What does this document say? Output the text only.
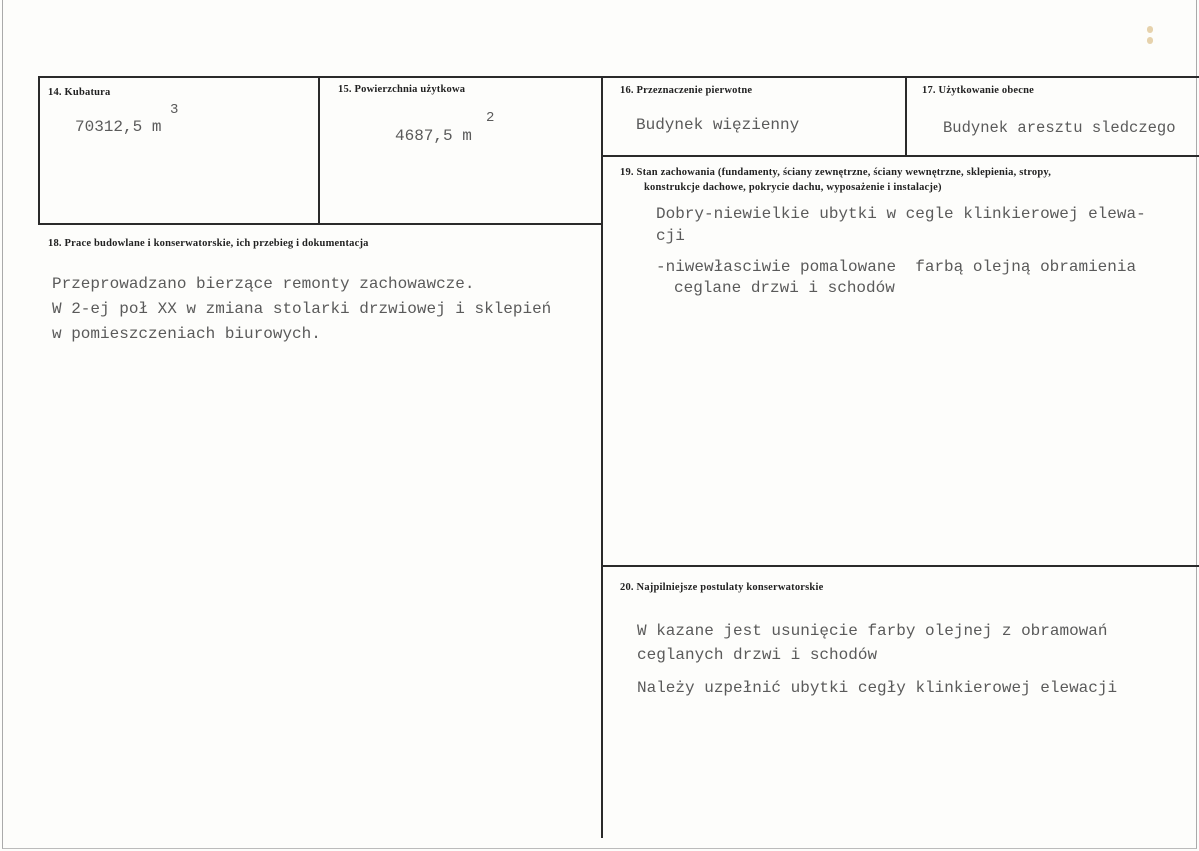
14. Kubatura
70312,5 m
3
15. Powierzchnia użytkowa
4687,5 m
2
16. Przeznaczenie pierwotne
Budynek więzienny
17. Użytkowanie obecne
Budynek aresztu sledczego
19. Stan zachowania (fundamenty, ściany zewnętrzne, ściany wewnętrzne, sklepienia, stropy,
konstrukcje dachowe, pokrycie dachu, wyposażenie i instalacje)
Dobry-niewielkie ubytki w cegle klinkierowej elewa-
cji
-niwewłasciwie pomalowane  farbą olejną obramienia
ceglane drzwi i schodów
18. Prace budowlane i konserwatorskie, ich przebieg i dokumentacja
Przeprowadzano bierzące remonty zachowawcze.
W 2-ej poł XX w zmiana stolarki drzwiowej i sklepień
w pomieszczeniach biurowych.
20. Najpilniejsze postulaty konserwatorskie
W kazane jest usunięcie farby olejnej z obramowań
ceglanych drzwi i schodów
Należy uzpełnić ubytki cegły klinkierowej elewacji
